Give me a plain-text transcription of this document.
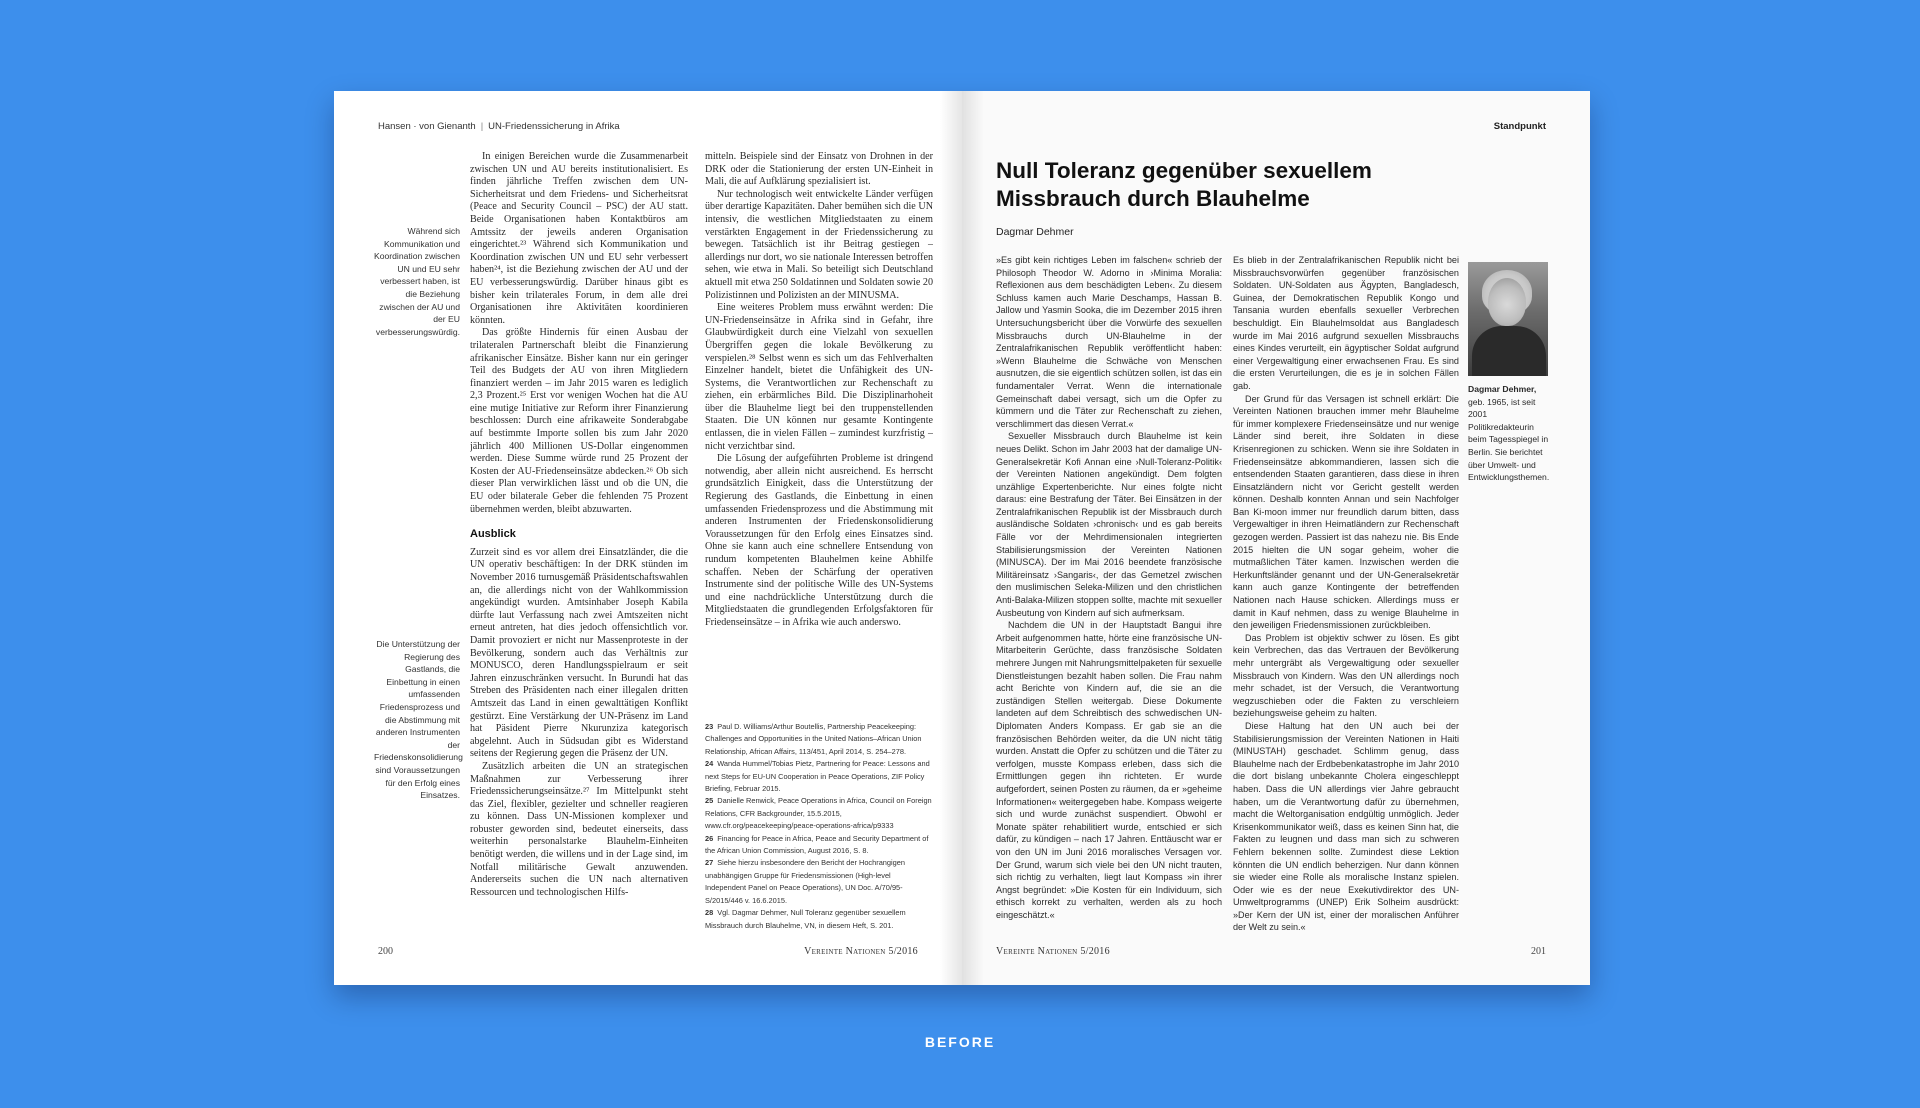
Hansen · von Gienanth | UN-Friedenssicherung in Afrika
Während sich Kommunikation und Koordination zwischen UN und EU sehr verbessert haben, ist die Beziehung zwischen der AU und der EU verbesserungswürdig.
Die Unterstützung der Regierung des Gastlands, die Einbettung in einen umfassenden Friedensprozess und die Abstimmung mit anderen Instrumenten der Friedenskonsolidierung sind Voraussetzungen für den Erfolg eines Einsatzes.

In einigen Bereichen wurde die Zusammenarbeit zwischen UN und AU bereits institutionalisiert. Es finden jährliche Treffen zwischen dem UN-Sicherheitsrat und dem Friedens- und Sicherheitsrat (Peace and Security Council – PSC) der AU statt. Beide Organisationen haben Kontaktbüros am Amtssitz der jeweils anderen Organisation eingerichtet.²³ Während sich Kommunikation und Koordination zwischen UN und EU sehr verbessert haben²⁴, ist die Beziehung zwischen der AU und der EU verbesserungswürdig. Darüber hinaus gibt es bisher kein trilaterales Forum, in dem alle drei Organisationen ihre Aktivitäten koordinieren könnten.

Das größte Hindernis für einen Ausbau der trilateralen Partnerschaft bleibt die Finanzierung afrikanischer Einsätze. Bisher kann nur ein geringer Teil des Budgets der AU von ihren Mitgliedern finanziert werden – im Jahr 2015 waren es lediglich 2,3 Prozent.²⁵ Erst vor wenigen Wochen hat die AU eine mutige Initiative zur Reform ihrer Finanzierung beschlossen: Durch eine afrikaweite Sonderabgabe auf bestimmte Importe sollen bis zum Jahr 2020 jährlich 400 Millionen US-Dollar eingenommen werden. Diese Summe würde rund 25 Prozent der Kosten der AU-Friedenseinsätze abdecken.²⁶ Ob sich dieser Plan verwirklichen lässt und ob die UN, die EU oder bilaterale Geber die fehlenden 75 Prozent übernehmen werden, bleibt abzuwarten.

Ausblick

Zurzeit sind es vor allem drei Einsatzländer, die die UN operativ beschäftigen: In der DRK stünden im November 2016 turnusgemäß Präsidentschaftswahlen an, die allerdings nicht von der Wahlkommission angekündigt wurden. Amtsinhaber Joseph Kabila dürfte laut Verfassung nach zwei Amtszeiten nicht erneut antreten, hat dies jedoch offensichtlich vor. Damit provoziert er nicht nur Massenproteste in der Bevölkerung, sondern auch das Verhältnis zur MONUSCO, deren Handlungsspielraum er seit Jahren einzuschränken versucht. In Burundi hat das Streben des Präsidenten nach einer illegalen dritten Amtszeit das Land in einen gewalttätigen Konflikt gestürzt. Eine Verstärkung der UN-Präsenz im Land hat Päsident Pierre Nkurunziza kategorisch abgelehnt. Auch in Südsudan gibt es Widerstand seitens der Regierung gegen die Präsenz der UN.

Zusätzlich arbeiten die UN an strategischen Maßnahmen zur Verbesserung ihrer Friedenssicherungseinsätze.²⁷ Im Mittelpunkt steht das Ziel, flexibler, gezielter und schneller reagieren zu können. Dass UN-Missionen komplexer und robuster geworden sind, bedeutet einerseits, dass weiterhin personalstarke Blauhelm-Einheiten benötigt werden, die willens und in der Lage sind, im Notfall militärische Gewalt anzuwenden. Andererseits suchen die UN nach alternativen Ressourcen und technologischen Hilfs-

mitteln. Beispiele sind der Einsatz von Drohnen in der DRK oder die Stationierung der ersten UN-Einheit in Mali, die auf Aufklärung spezialisiert ist.

Nur technologisch weit entwickelte Länder verfügen über derartige Kapazitäten. Daher bemühen sich die UN intensiv, die westlichen Mitgliedstaaten zu einem verstärkten Engagement in der Friedenssicherung zu bewegen. Tatsächlich ist ihr Beitrag gestiegen – allerdings nur dort, wo sie nationale Interessen betroffen sehen, wie etwa in Mali. So beteiligt sich Deutschland aktuell mit etwa 250 Soldatinnen und Soldaten sowie 20 Polizistinnen und Polizisten an der MINUSMA.

Eine weiteres Problem muss erwähnt werden: Die UN-Friedenseinsätze in Afrika sind in Gefahr, ihre Glaubwürdigkeit durch eine Vielzahl von sexuellen Übergriffen gegen die lokale Bevölkerung zu verspielen.²⁸ Selbst wenn es sich um das Fehlverhalten Einzelner handelt, bietet die Unfähigkeit des UN-Systems, die Verantwortlichen zur Rechenschaft zu ziehen, ein erbärmliches Bild. Die Disziplinarhoheit über die Blauhelme liegt bei den truppenstellenden Staaten. Die UN können nur gesamte Kontingente entlassen, die in vielen Fällen – zumindest kurzfristig – nicht verzichtbar sind.

Die Lösung der aufgeführten Probleme ist dringend notwendig, aber allein nicht ausreichend. Es herrscht grundsätzlich Einigkeit, dass die Unterstützung der Regierung des Gastlands, die Einbettung in einen umfassenden Friedensprozess und die Abstimmung mit anderen Instrumenten der Friedenskonsolidierung Voraussetzungen für den Erfolg eines Einsatzes sind. Ohne sie kann auch eine schnellere Entsendung von rundum kompetenten Blauhelmen keine Abhilfe schaffen. Neben der Schärfung der operativen Instrumente sind der politische Wille des UN-Systems und eine nachdrückliche Unterstützung durch die Mitgliedstaaten die grundlegenden Erfolgsfaktoren für Friedenseinsätze – in Afrika wie auch anderswo.

23 Paul D. Williams/Arthur Boutellis, Partnership Peacekeeping: Challenges and Opportunities in the United Nations–African Union Relationship, African Affairs, 113/451, April 2014, S. 254–278.
24 Wanda Hummel/Tobias Pietz, Partnering for Peace: Lessons and next Steps for EU-UN Cooperation in Peace Operations, ZIF Policy Briefing, Februar 2015.
25 Danielle Renwick, Peace Operations in Africa, Council on Foreign Relations, CFR Backgrounder, 15.5.2015, www.cfr.org/peacekeeping/peace-operations-africa/p9333
26 Financing for Peace in Africa, Peace and Security Department of the African Union Commission, August 2016, S. 8.
27 Siehe hierzu insbesondere den Bericht der Hochrangigen unabhängigen Gruppe für Friedensmissionen (High-level Independent Panel on Peace Operations), UN Doc. A/70/95-S/2015/446 v. 16.6.2015.
28 Vgl. Dagmar Dehmer, Null Toleranz gegenüber sexuellem Missbrauch durch Blauhelme, VN, in diesem Heft, S. 201.
200	Vereinte Nationen 5/2016
Standpunkt
Null Toleranz gegenüber sexuellem Missbrauch durch Blauhelme
Dagmar Dehmer

»Es gibt kein richtiges Leben im falschen« schrieb der Philosoph Theodor W. Adorno in ›Minima Moralia: Reflexionen aus dem beschädigten Leben‹. Zu diesem Schluss kamen auch Marie Deschamps, Hassan B. Jallow und Yasmin Sooka, die im Dezember 2015 ihren Untersuchungsbericht über die Vorwürfe des sexuellen Missbrauchs durch UN-Blauhelme in der Zentralafrikanischen Republik veröffentlicht haben: »Wenn Blauhelme die Schwäche von Menschen ausnutzen, die sie eigentlich schützen sollen, ist das ein fundamentaler Verrat. Wenn die internationale Gemeinschaft dabei versagt, sich um die Opfer zu kümmern und die Täter zur Rechenschaft zu ziehen, verschlimmert das diesen Verrat.«

Sexueller Missbrauch durch Blauhelme ist kein neues Delikt. Schon im Jahr 2003 hat der damalige UN-Generalsekretär Kofi Annan eine ›Null-Toleranz-Politik‹ der Vereinten Nationen angekündigt. Dem folgten unzählige Expertenberichte. Nur eines folgte nicht daraus: eine Bestrafung der Täter. Bei Einsätzen in der Zentralafrikanischen Republik ist der Missbrauch durch ausländische Soldaten ›chronisch‹ und es gab bereits Fälle vor der Mehrdimensionalen integrierten Stabilisierungsmission der Vereinten Nationen (MINUSCA). Der im Mai 2016 beendete französische Militäreinsatz ›Sangaris‹, der das Gemetzel zwischen den muslimischen Seleka-Milizen und den christlichen Anti-Balaka-Milizen stoppen sollte, machte mit sexueller Ausbeutung von Kindern auf sich aufmerksam.

Nachdem die UN in der Hauptstadt Bangui ihre Arbeit aufgenommen hatte, hörte eine französische UN-Mitarbeiterin Gerüchte, dass französische Soldaten mehrere Jungen mit Nahrungsmittelpaketen für sexuelle Dienstleistungen bezahlt haben sollen. Die Frau nahm acht Berichte von Kindern auf, die sie an die zuständigen Stellen weitergab. Diese Dokumente landeten auf dem Schreibtisch des schwedischen UN-Diplomaten Anders Kompass. Er gab sie an die französischen Behörden weiter, da die UN nicht tätig wurden. Anstatt die Opfer zu schützen und die Täter zu verfolgen, musste Kompass erleben, dass sich die Ermittlungen gegen ihn richteten. Er wurde aufgefordert, seinen Posten zu räumen, da er »geheime Informationen« weitergegeben habe. Kompass weigerte sich und wurde zunächst suspendiert. Obwohl er Monate später rehabilitiert wurde, entschied er sich dafür, zu kündigen – nach 17 Jahren. Enttäuscht war er von den UN im Juni 2016 moralisches Versagen vor. Der Grund, warum sich viele bei den UN nicht trauten, sich richtig zu verhalten, liegt laut Kompass »in ihrer Angst begründet: »Die Kosten für ein Individuum, sich ethisch korrekt zu verhalten, werden als zu hoch eingeschätzt.«

Es blieb in der Zentralafrikanischen Republik nicht bei Missbrauchsvorwürfen gegenüber französischen Soldaten. UN-Soldaten aus Ägypten, Bangladesch, Guinea, der Demokratischen Republik Kongo und Tansania wurden ebenfalls sexueller Verbrechen beschuldigt. Ein Blauhelmsoldat aus Bangladesch wurde im Mai 2016 aufgrund sexuellen Missbrauchs eines Kindes verurteilt, ein ägyptischer Soldat aufgrund einer Vergewaltigung einer erwachsenen Frau. Es sind die ersten Verurteilungen, die es je in solchen Fällen gab.

Der Grund für das Versagen ist schnell erklärt: Die Vereinten Nationen brauchen immer mehr Blauhelme für immer komplexere Friedenseinsätze und nur wenige Länder sind bereit, ihre Soldaten in diese Krisenregionen zu schicken. Wenn sie ihre Soldaten in Friedenseinsätze abkommandieren, lassen sich die entsendenden Staaten garantieren, dass diese in ihren Einsatzländern nicht vor Gericht gestellt werden können. Deshalb konnten Annan und sein Nachfolger Ban Ki-moon immer nur freundlich darum bitten, dass Vergewaltiger in ihren Heimatländern zur Rechenschaft gezogen werden. Passiert ist das nahezu nie. Bis Ende 2015 hielten die UN sogar geheim, woher die mutmaßlichen Täter kamen. Inzwischen werden die Herkunftsländer genannt und der UN-Generalsekretär kann auch ganze Kontingente der betreffenden Nationen nach Hause schicken. Allerdings muss er damit in Kauf nehmen, dass zu wenige Blauhelme in den jeweiligen Friedensmissionen zurückbleiben.

Das Problem ist objektiv schwer zu lösen. Es gibt kein Verbrechen, das das Vertrauen der Bevölkerung mehr untergräbt als Vergewaltigung oder sexueller Missbrauch von Kindern. Was den UN allerdings noch mehr schadet, ist der Versuch, die Verantwortung wegzuschieben oder die Fakten zu verschleiern beziehungsweise geheim zu halten.

Diese Haltung hat den UN auch bei der Stabilisierungsmission der Vereinten Nationen in Haiti (MINUSTAH) geschadet. Schlimm genug, dass Blauhelme nach der Erdbebenkatastrophe im Jahr 2010 die dort bislang unbekannte Cholera eingeschleppt haben. Dass die UN allerdings vier Jahre gebraucht haben, um die Verantwortung dafür zu übernehmen, macht die Weltorganisation endgültig unmöglich. Jeder Krisenkommunikator weiß, dass es keinen Sinn hat, die Fakten zu leugnen und dass man sich zu schweren Fehlern bekennen sollte. Zumindest diese Lektion könnten die UN endlich beherzigen. Nur dann können sie wieder eine Rolle als moralische Instanz spielen. Oder wie es der neue Exekutivdirektor des UN-Umweltprogramms (UNEP) Erik Solheim ausdrückt: »Der Kern der UN ist, einer der moralischen Anführer der Welt zu sein.«

Dagmar Dehmer, geb. 1965, ist seit 2001 Politikredakteurin beim Tagesspiegel in Berlin. Sie berichtet über Umwelt- und Entwicklungsthemen.
Vereinte Nationen 5/2016	201
BEFORE
